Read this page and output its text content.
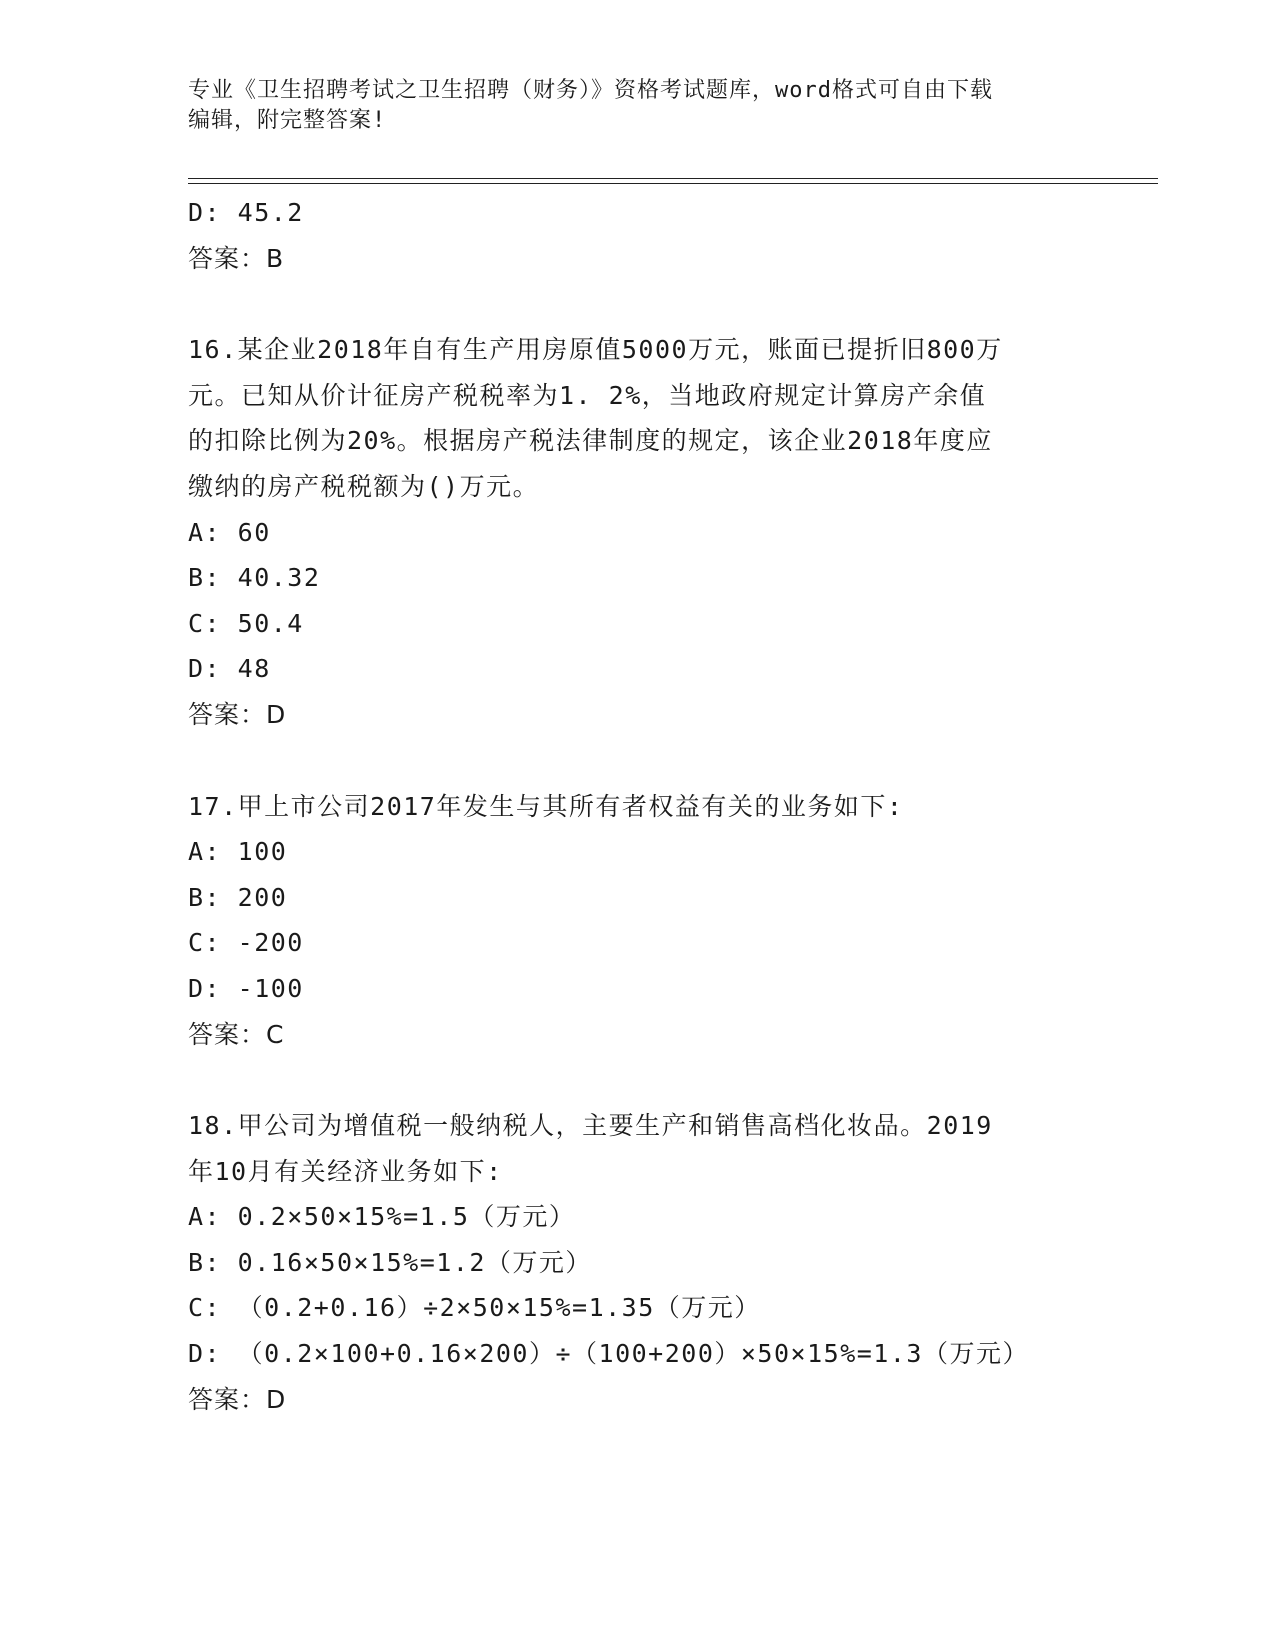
专业《卫生招聘考试之卫生招聘（财务）》资格考试题库，word格式可自由下载
编辑，附完整答案!
D: 45.2
答案：B
16.某企业2018年自有生产用房原值5000万元，账面已提折旧800万
元。已知从价计征房产税税率为1. 2%，当地政府规定计算房产余值
的扣除比例为20%。根据房产税法律制度的规定，该企业2018年度应
缴纳的房产税税额为()万元。
A: 60
B: 40.32
C: 50.4
D: 48
答案：D
17.甲上市公司2017年发生与其所有者权益有关的业务如下:
A: 100
B: 200
C: -200
D: -100
答案：C
18.甲公司为增值税一般纳税人，主要生产和销售高档化妆品。2019
年10月有关经济业务如下:
A: 0.2×50×15%=1.5（万元）
B: 0.16×50×15%=1.2（万元）
C: （0.2+0.16）÷2×50×15%=1.35（万元）
D: （0.2×100+0.16×200）÷（100+200）×50×15%=1.3（万元）
答案：D
